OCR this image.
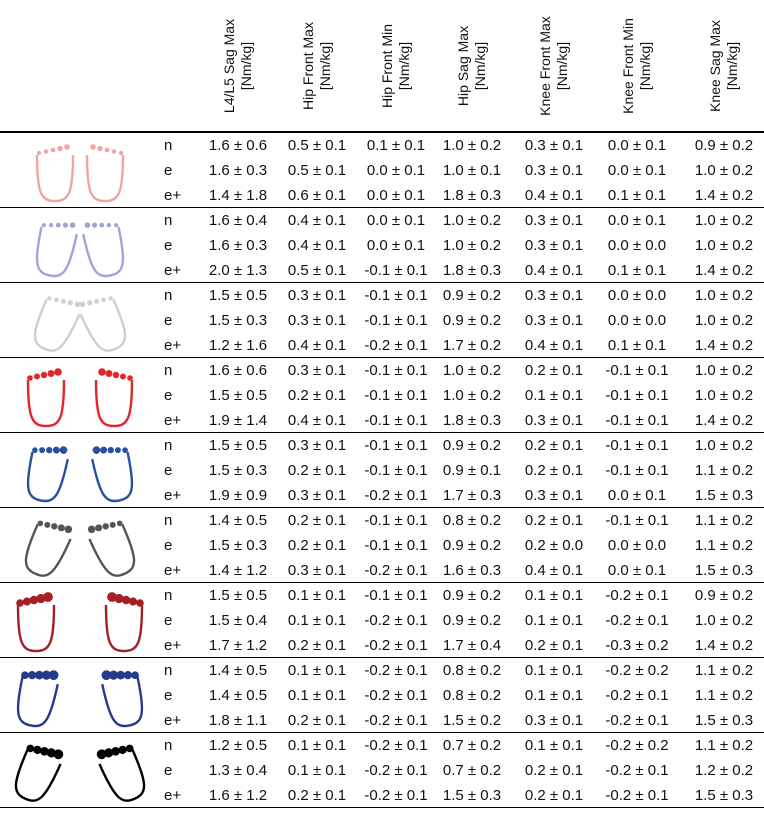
L4/L5 Sag Max [Nm/kg]	Hip Front Max [Nm/kg]	Hip Front Min [Nm/kg]	Hip Sag Max [Nm/kg]	Knee Front Max [Nm/kg]	Knee Front Min [Nm/kg]	Knee Sag Max [Nm/kg]
n	1.6 ± 0.6	0.5 ± 0.1	0.1 ± 0.1	1.0 ± 0.2	0.3 ± 0.1	0.0 ± 0.1	0.9 ± 0.2
e	1.6 ± 0.3	0.5 ± 0.1	0.0 ± 0.1	1.0 ± 0.1	0.3 ± 0.1	0.0 ± 0.1	1.0 ± 0.2
e+	1.4 ± 1.8	0.6 ± 0.1	0.0 ± 0.1	1.8 ± 0.3	0.4 ± 0.1	0.1 ± 0.1	1.4 ± 0.2
n	1.6 ± 0.4	0.4 ± 0.1	0.0 ± 0.1	1.0 ± 0.2	0.3 ± 0.1	0.0 ± 0.1	1.0 ± 0.2
e	1.6 ± 0.3	0.4 ± 0.1	0.0 ± 0.1	1.0 ± 0.2	0.3 ± 0.1	0.0 ± 0.0	1.0 ± 0.2
e+	2.0 ± 1.3	0.5 ± 0.1	-0.1 ± 0.1	1.8 ± 0.3	0.4 ± 0.1	0.1 ± 0.1	1.4 ± 0.2
n	1.5 ± 0.5	0.3 ± 0.1	-0.1 ± 0.1	0.9 ± 0.2	0.3 ± 0.1	0.0 ± 0.0	1.0 ± 0.2
e	1.5 ± 0.3	0.3 ± 0.1	-0.1 ± 0.1	0.9 ± 0.2	0.3 ± 0.1	0.0 ± 0.0	1.0 ± 0.2
e+	1.2 ± 1.6	0.4 ± 0.1	-0.2 ± 0.1	1.7 ± 0.2	0.4 ± 0.1	0.1 ± 0.1	1.4 ± 0.2
n	1.6 ± 0.6	0.3 ± 0.1	-0.1 ± 0.1	1.0 ± 0.2	0.2 ± 0.1	-0.1 ± 0.1	1.0 ± 0.2
e	1.5 ± 0.5	0.2 ± 0.1	-0.1 ± 0.1	1.0 ± 0.2	0.1 ± 0.1	-0.1 ± 0.1	1.0 ± 0.2
e+	1.9 ± 1.4	0.4 ± 0.1	-0.1 ± 0.1	1.8 ± 0.3	0.3 ± 0.1	-0.1 ± 0.1	1.4 ± 0.2
n	1.5 ± 0.5	0.3 ± 0.1	-0.1 ± 0.1	0.9 ± 0.2	0.2 ± 0.1	-0.1 ± 0.1	1.0 ± 0.2
e	1.5 ± 0.3	0.2 ± 0.1	-0.1 ± 0.1	0.9 ± 0.1	0.2 ± 0.1	-0.1 ± 0.1	1.1 ± 0.2
e+	1.9 ± 0.9	0.3 ± 0.1	-0.2 ± 0.1	1.7 ± 0.3	0.3 ± 0.1	0.0 ± 0.1	1.5 ± 0.3
n	1.4 ± 0.5	0.2 ± 0.1	-0.1 ± 0.1	0.8 ± 0.2	0.2 ± 0.1	-0.1 ± 0.1	1.1 ± 0.2
e	1.5 ± 0.3	0.2 ± 0.1	-0.1 ± 0.1	0.9 ± 0.2	0.2 ± 0.0	0.0 ± 0.0	1.1 ± 0.2
e+	1.4 ± 1.2	0.3 ± 0.1	-0.2 ± 0.1	1.6 ± 0.3	0.4 ± 0.1	0.0 ± 0.1	1.5 ± 0.3
n	1.5 ± 0.5	0.1 ± 0.1	-0.1 ± 0.1	0.9 ± 0.2	0.1 ± 0.1	-0.2 ± 0.1	0.9 ± 0.2
e	1.5 ± 0.4	0.1 ± 0.1	-0.2 ± 0.1	0.9 ± 0.2	0.1 ± 0.1	-0.2 ± 0.1	1.0 ± 0.2
e+	1.7 ± 1.2	0.2 ± 0.1	-0.2 ± 0.1	1.7 ± 0.4	0.2 ± 0.1	-0.3 ± 0.2	1.4 ± 0.2
n	1.4 ± 0.5	0.1 ± 0.1	-0.2 ± 0.1	0.8 ± 0.2	0.1 ± 0.1	-0.2 ± 0.2	1.1 ± 0.2
e	1.4 ± 0.5	0.1 ± 0.1	-0.2 ± 0.1	0.8 ± 0.2	0.1 ± 0.1	-0.2 ± 0.1	1.1 ± 0.2
e+	1.8 ± 1.1	0.2 ± 0.1	-0.2 ± 0.1	1.5 ± 0.2	0.3 ± 0.1	-0.2 ± 0.1	1.5 ± 0.3
n	1.2 ± 0.5	0.1 ± 0.1	-0.2 ± 0.1	0.7 ± 0.2	0.1 ± 0.1	-0.2 ± 0.2	1.1 ± 0.2
e	1.3 ± 0.4	0.1 ± 0.1	-0.2 ± 0.1	0.7 ± 0.2	0.2 ± 0.1	-0.2 ± 0.1	1.2 ± 0.2
e+	1.6 ± 1.2	0.2 ± 0.1	-0.2 ± 0.1	1.5 ± 0.3	0.2 ± 0.1	-0.2 ± 0.1	1.5 ± 0.3
